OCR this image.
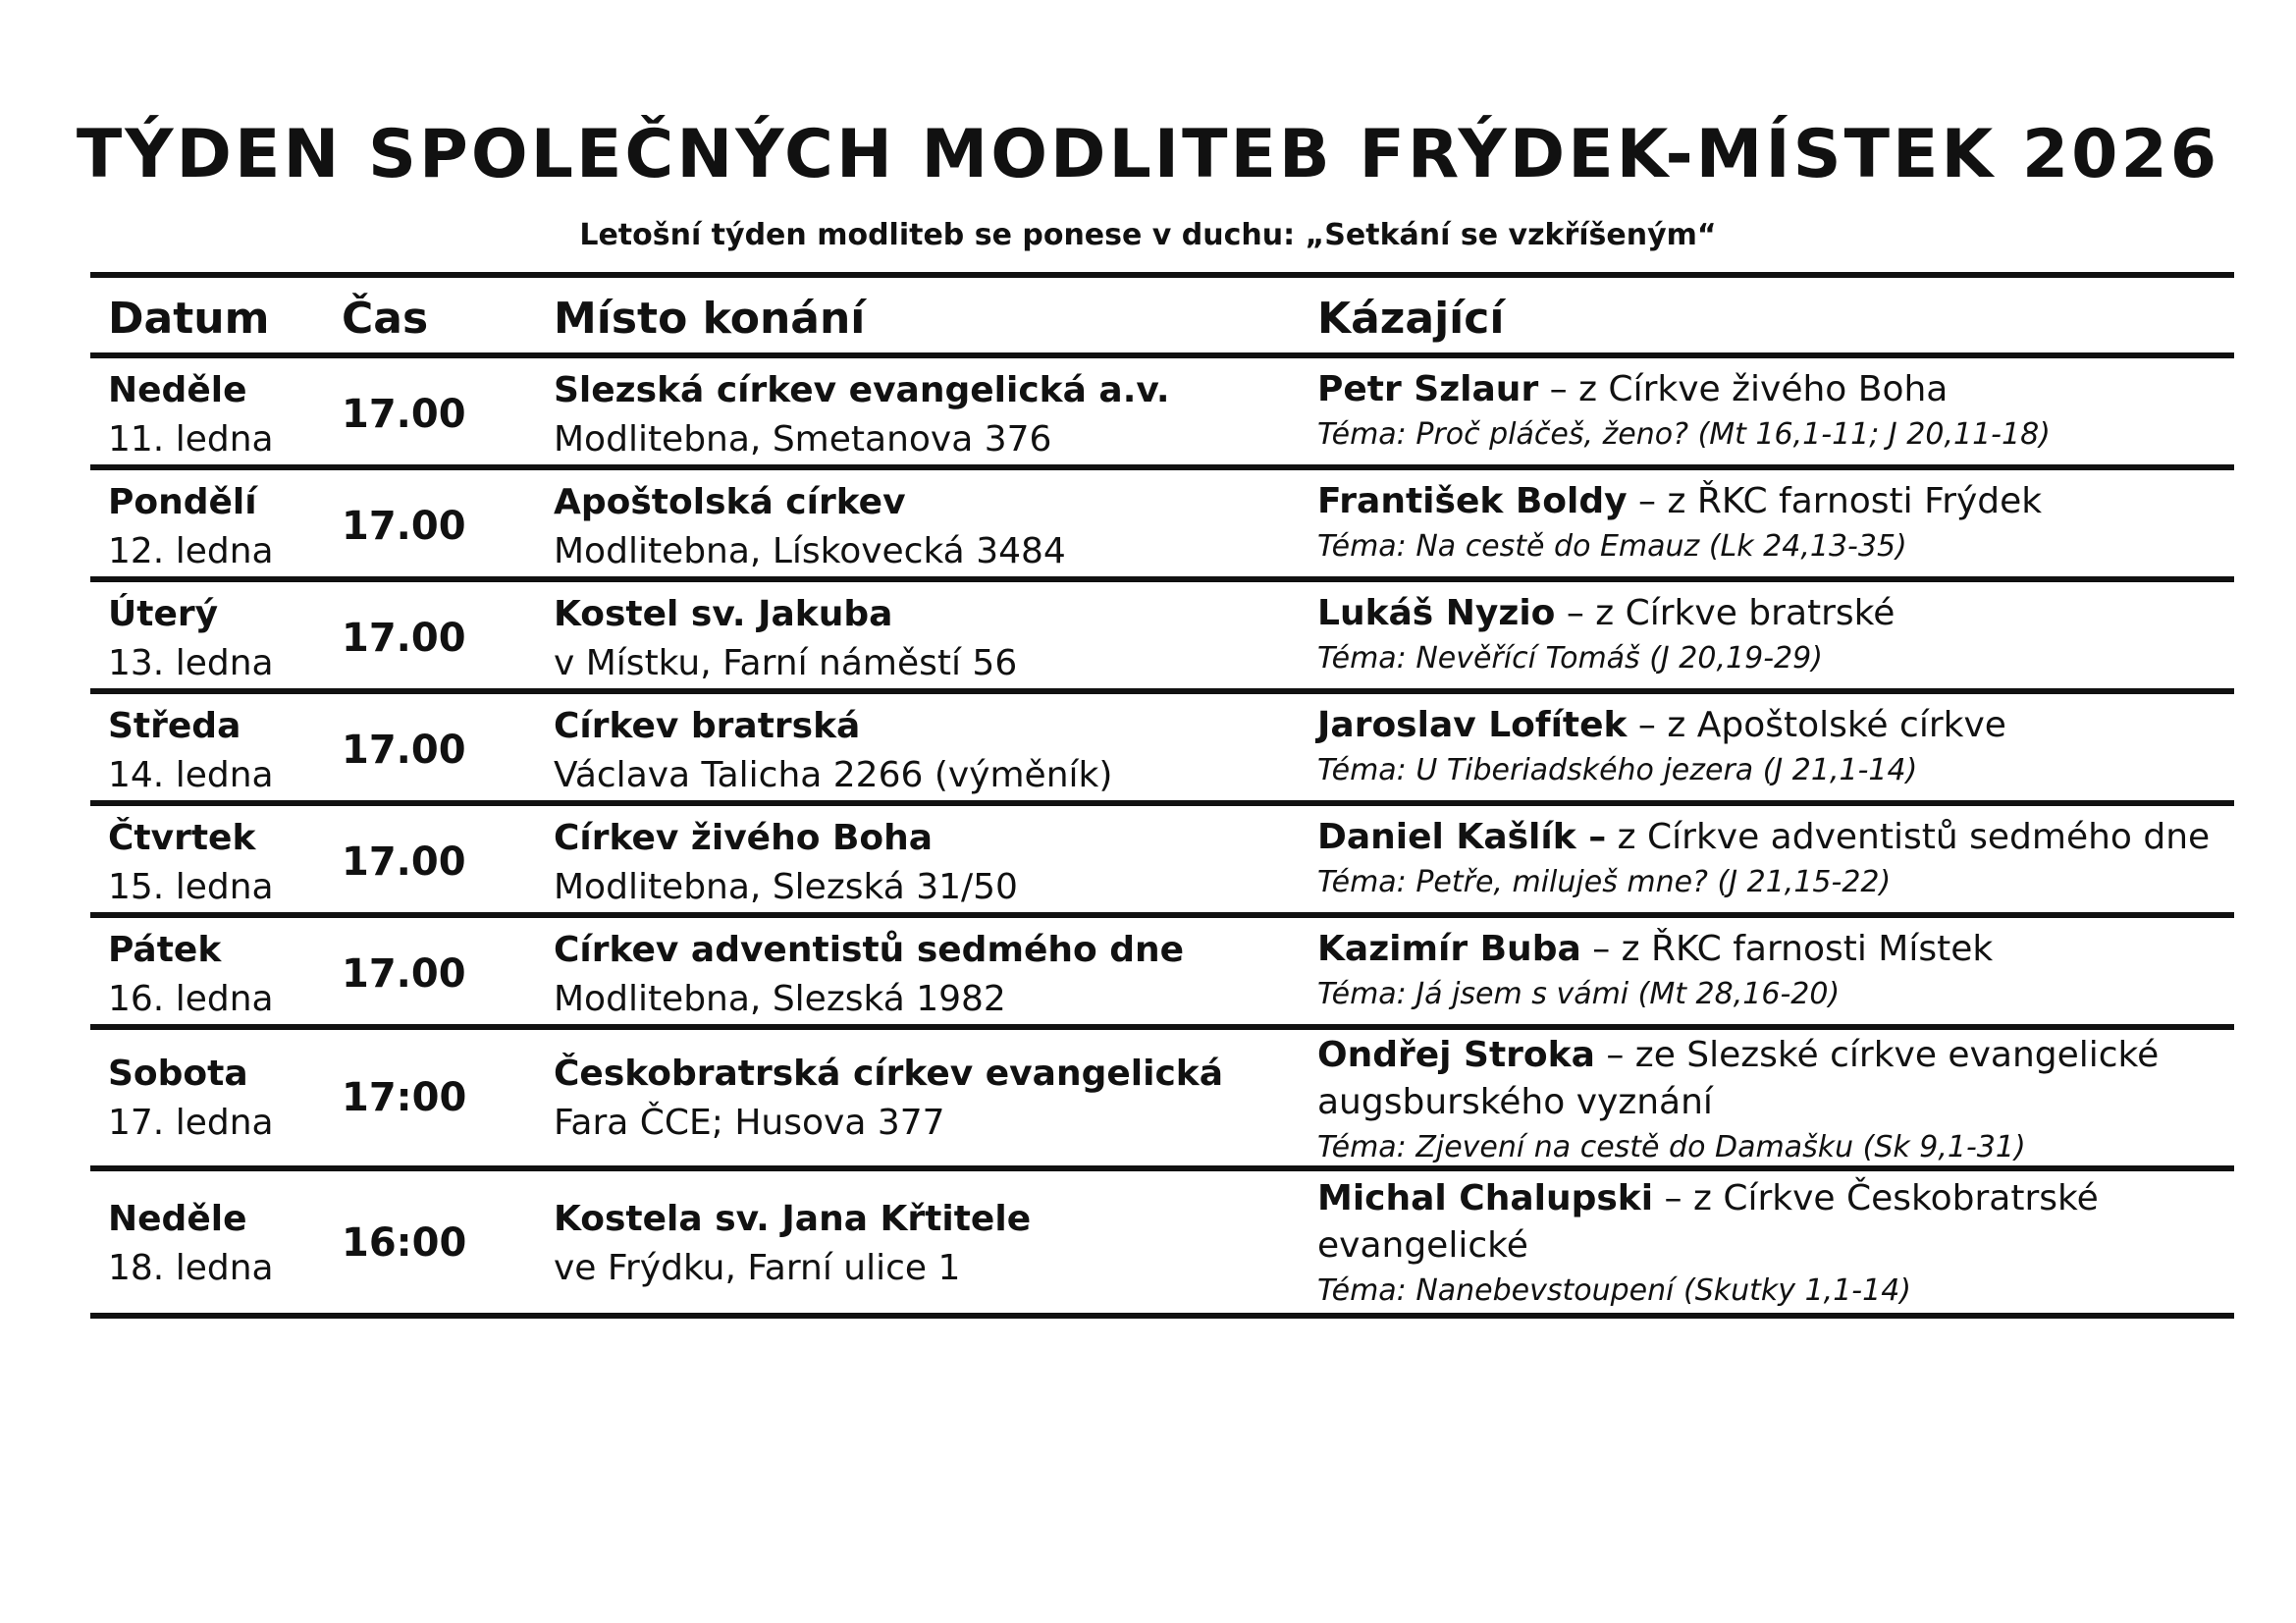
TÝDEN SPOLEČNÝCH MODLITEB FRÝDEK-MÍSTEK 2026
Letošní týden modliteb se ponese v duchu: „Setkání se vzkříšeným“
Datum Čas	Místo konání	Kázající
Neděle
11. ledna
17.00
Slezská církev evangelická a.v.
Modlitebna, Smetanova 376
Petr Szlaur – z Církve živého Boha
Téma: Proč pláčeš, ženo? (Mt 16,1-11; J 20,11-18)
Pondělí
12. ledna
17.00
Apoštolská církev
Modlitebna, Lískovecká 3484
František Boldy – z ŘKC farnosti Frýdek
Téma: Na cestě do Emauz (Lk 24,13-35)
Úterý
13. ledna
17.00
Kostel sv. Jakuba
v Místku, Farní náměstí 56
Lukáš Nyzio – z Církve bratrské
Téma: Nevěřící Tomáš (J 20,19-29)
Středa
14. ledna
17.00
Církev bratrská
Václava Talicha 2266 (výměník)
Jaroslav Lofítek – z Apoštolské církve
Téma: U Tiberiadského jezera (J 21,1-14)
Čtvrtek
15. ledna
17.00
Církev živého Boha
Modlitebna, Slezská 31/50
Daniel Kašlík – z Církve adventistů sedmého dne
Téma: Petře, miluješ mne? (J 21,15-22)
Pátek
16. ledna
17.00
Církev adventistů sedmého dne
Modlitebna, Slezská 1982
Kazimír Buba – z ŘKC farnosti Místek
Téma: Já jsem s vámi (Mt 28,16-20)
Sobota
17. ledna
17:00
Českobratrská církev evangelická
Fara ČCE; Husova 377
Ondřej Stroka – ze Slezské církve evangelické augsburského vyznání
Téma: Zjevení na cestě do Damašku (Sk 9,1-31)
Neděle
18. ledna
16:00
Kostela sv. Jana Křtitele
ve Frýdku, Farní ulice 1
Michal Chalupski – z Církve Českobratrské evangelické
Téma: Nanebevstoupení (Skutky 1,1-14)
